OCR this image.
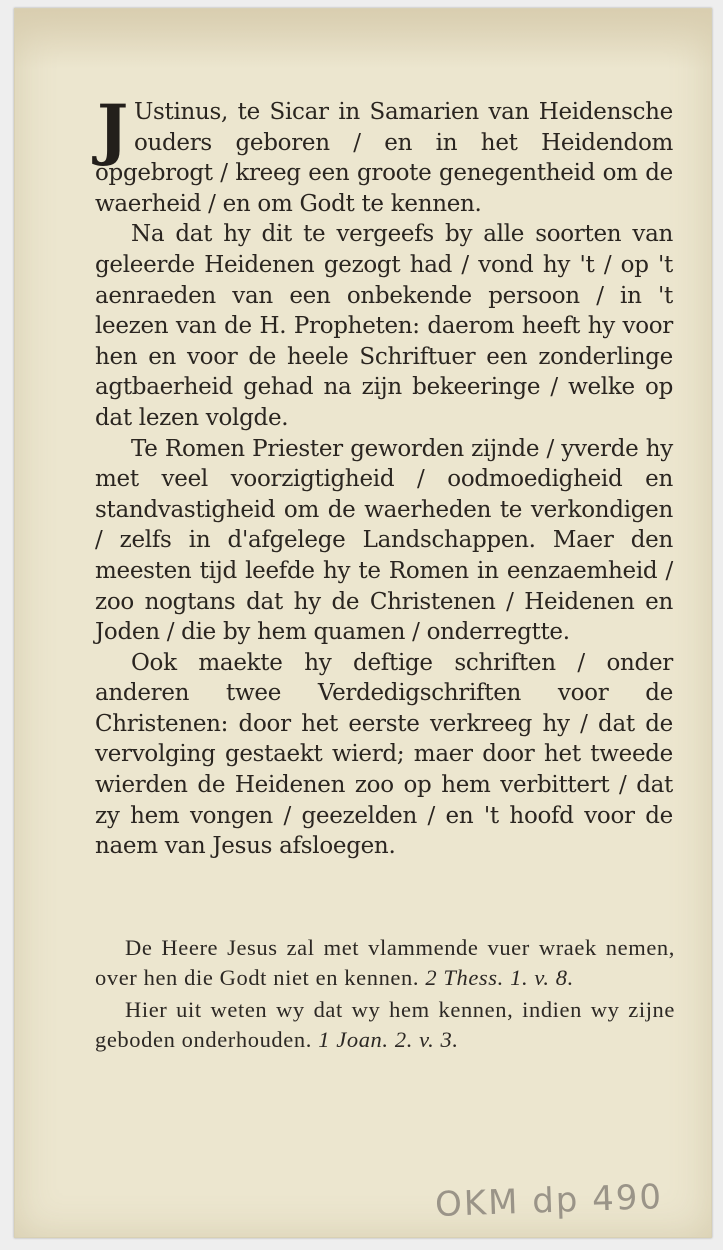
J Ustinus, te Sicar in Samarien van Heidensche ouders geboren / en in het Heidendom opgebrogt / kreeg een groote genegentheid om de waerheid / en om Godt te kennen.

Na dat hy dit te vergeefs by alle soorten van geleerde Heidenen gezogt had / vond hy 't / op 't aenraeden van een onbekende persoon / in 't leezen van de H. Propheten: daerom heeft hy voor hen en voor de heele Schriftuer een zonderlinge agtbaerheid gehad na zijn bekeeringe / welke op dat lezen volgde.

Te Romen Priester geworden zijnde / yverde hy met veel voorzigtigheid / oodmoedigheid en standvastigheid om de waerheden te verkondigen / zelfs in d'afgelege Landschappen. Maer den meesten tijd leefde hy te Romen in eenzaemheid / zoo nogtans dat hy de Christenen / Heidenen en Joden / die by hem quamen / onderregtte.

Ook maekte hy deftige schriften / onder anderen twee Verdedigschriften voor de Christenen: door het eerste verkreeg hy / dat de vervolging gestaekt wierd; maer door het tweede wierden de Heidenen zoo op hem verbittert / dat zy hem vongen / geezelden / en 't hoofd voor de naem van Jesus afsloegen.

De Heere Jesus zal met vlammende vuer wraek nemen, over hen die Godt niet en kennen. 2 Thess. 1. v. 8.

Hier uit weten wy dat wy hem kennen, indien wy zijne geboden onderhouden. 1 Joan. 2. v. 3.

OKM dp 490
